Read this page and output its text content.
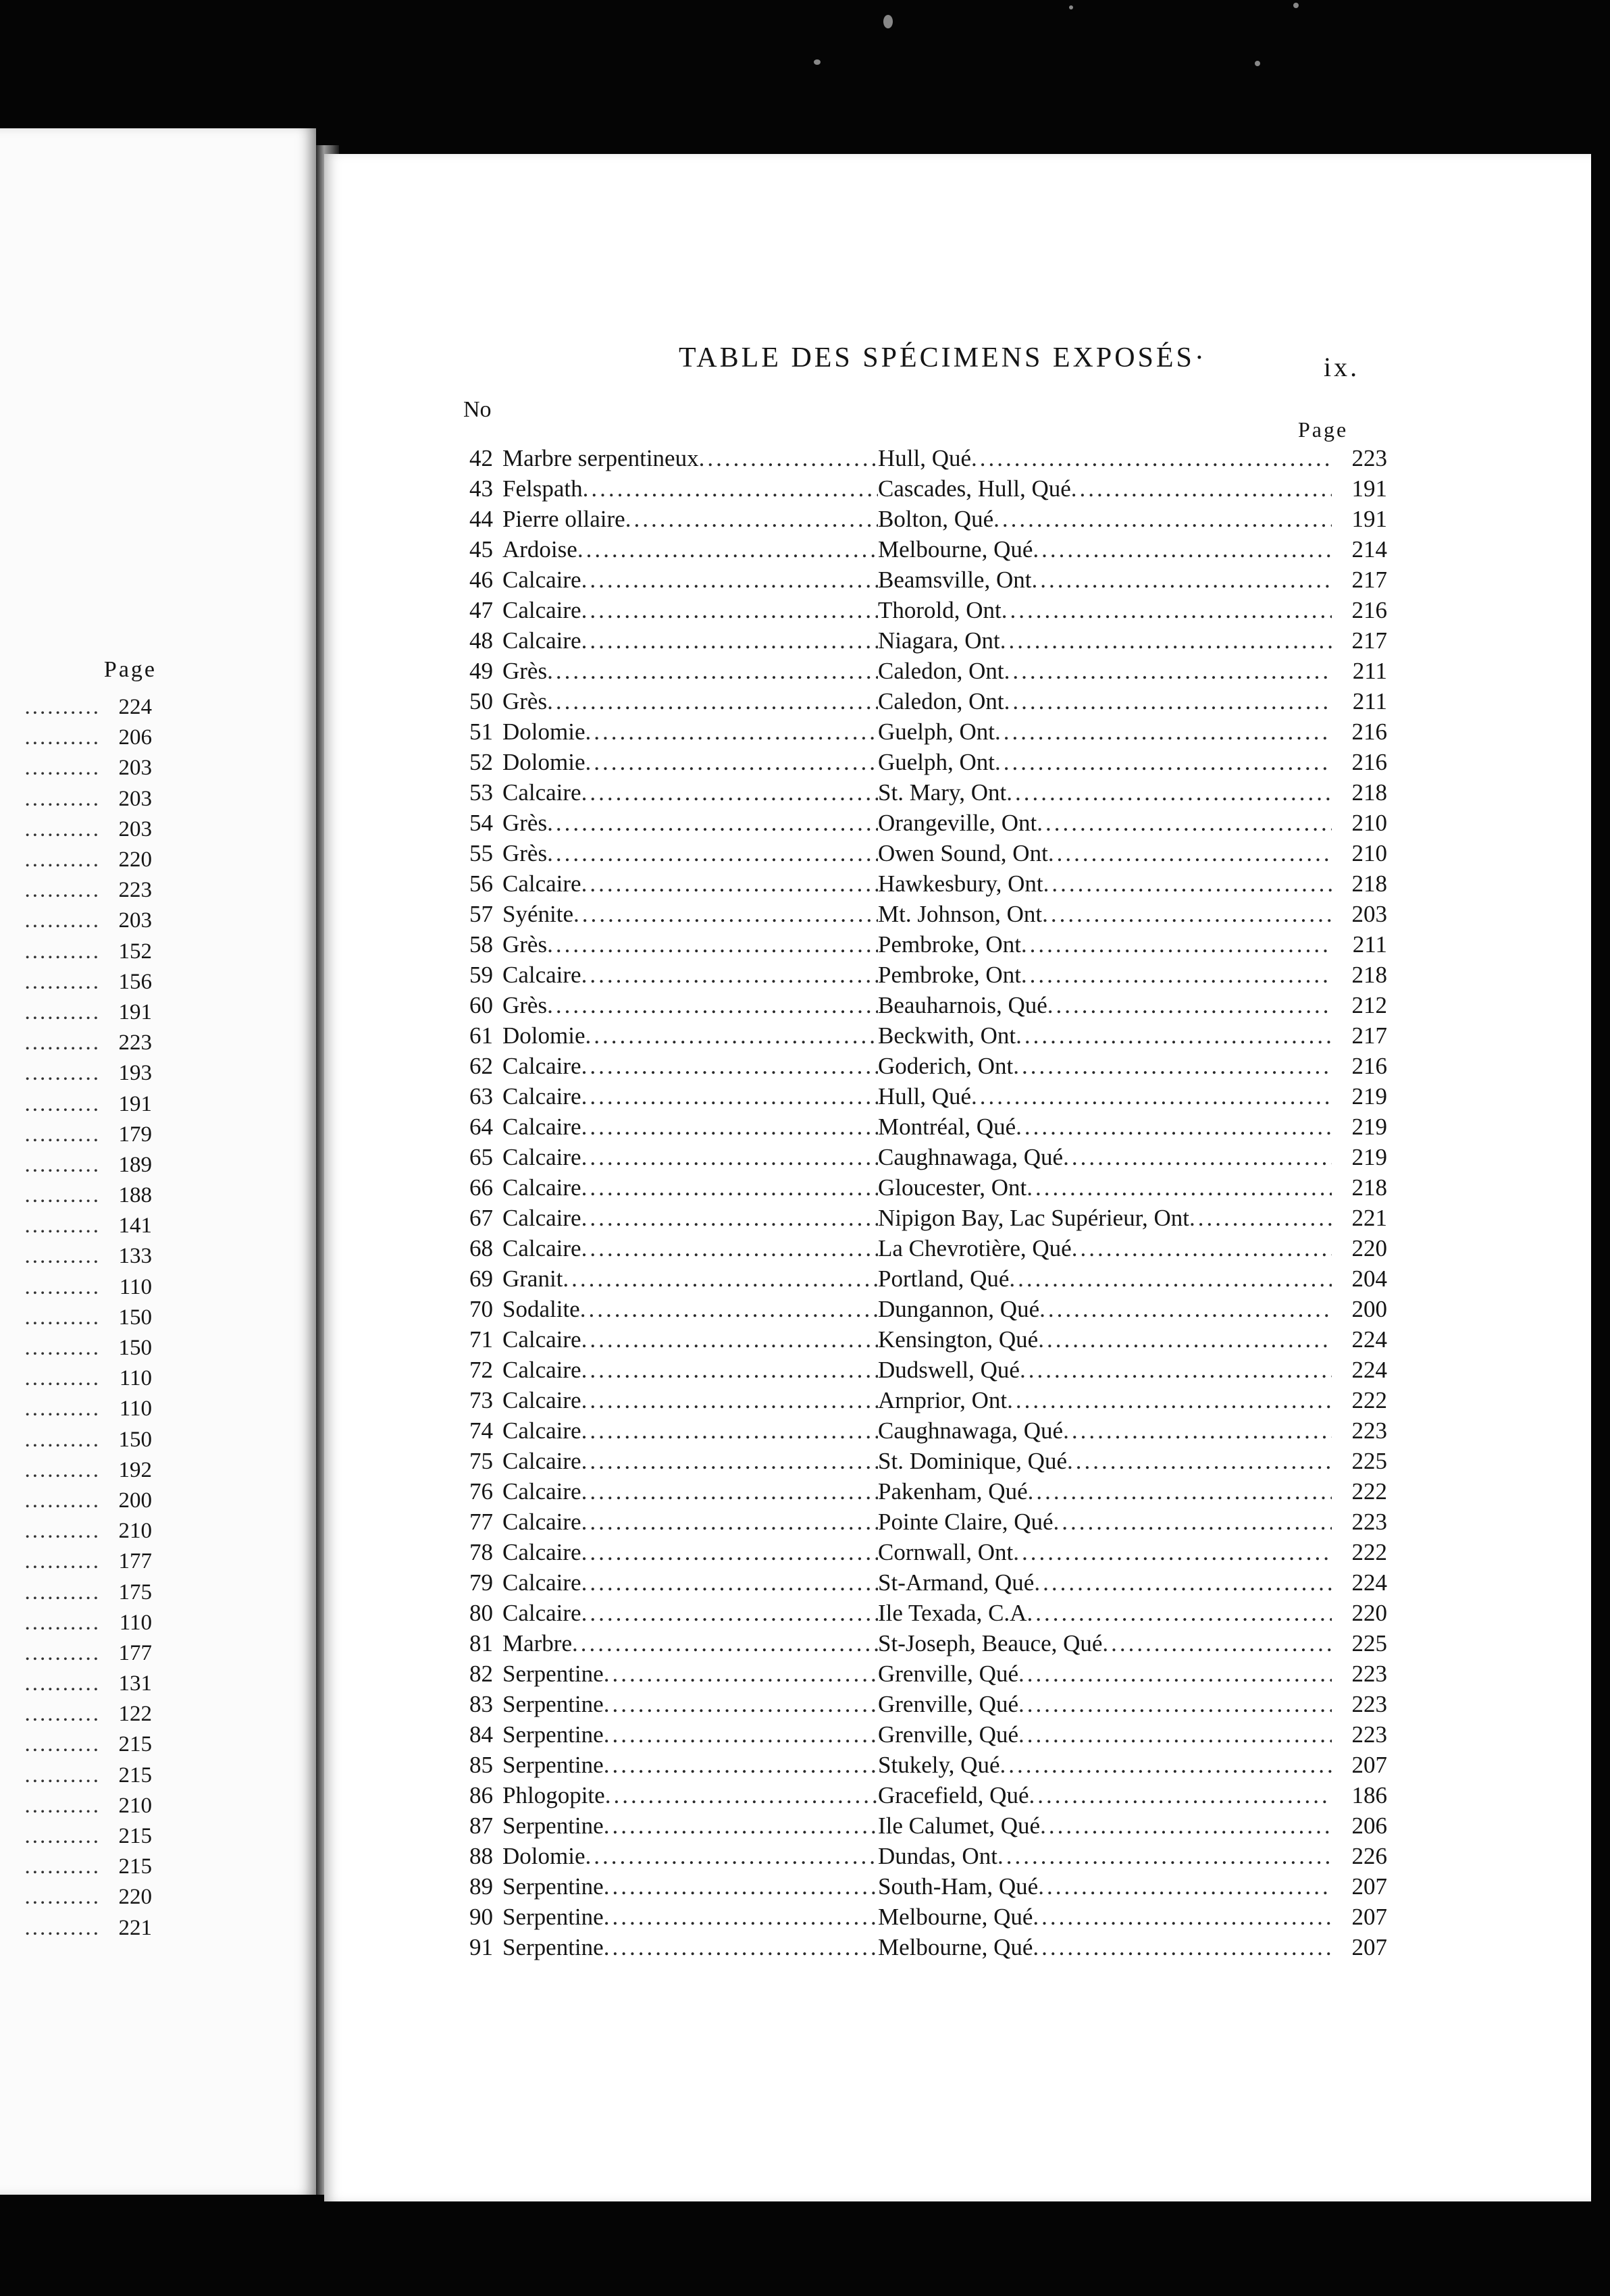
Page
.......... 224
.......... 206
.......... 203
.......... 203
.......... 203
.......... 220
.......... 223
.......... 203
.......... 152
.......... 156
.......... 191
.......... 223
.......... 193
.......... 191
.......... 179
.......... 189
.......... 188
.......... 141
.......... 133
.......... 110
.......... 150
.......... 150
.......... 110
.......... 110
.......... 150
.......... 192
.......... 200
.......... 210
.......... 177
.......... 175
.......... 110
.......... 177
.......... 131
.......... 122
.......... 215
.......... 215
.......... 210
.......... 215
.......... 215
.......... 220
.......... 221
TABLE DES SPÉCIMENS EXPOSÉS·	ix.
No
Page
42 Marbre serpentineux .....	Hull, Qué .....	223
43 Felspath .....	Cascades, Hull, Qué .....	191
44 Pierre ollaire .....	Bolton, Qué .....	191
45 Ardoise .....	Melbourne, Qué .....	214
46 Calcaire .....	Beamsville, Ont .....	217
47 Calcaire .....	Thorold, Ont .....	216
48 Calcaire .....	Niagara, Ont .....	217
49 Grès .....	Caledon, Ont .....	211
50 Grès .....	Caledon, Ont .....	211
51 Dolomie .....	Guelph, Ont .....	216
52 Dolomie .....	Guelph, Ont .....	216
53 Calcaire .....	St. Mary, Ont .....	218
54 Grès .....	Orangeville, Ont .....	210
55 Grès .....	Owen Sound, Ont .....	210
56 Calcaire .....	Hawkesbury, Ont .....	218
57 Syénite .....	Mt. Johnson, Ont .....	203
58 Grès .....	Pembroke, Ont .....	211
59 Calcaire .....	Pembroke, Ont .....	218
60 Grès .....	Beauharnois, Qué .....	212
61 Dolomie .....	Beckwith, Ont .....	217
62 Calcaire .....	Goderich, Ont .....	216
63 Calcaire .....	Hull, Qué .....	219
64 Calcaire .....	Montréal, Qué .....	219
65 Calcaire .....	Caughnawaga, Qué .....	219
66 Calcaire .....	Gloucester, Ont .....	218
67 Calcaire .....	Nipigon Bay, Lac Supérieur, Ont .....	221
68 Calcaire .....	La Chevrotière, Qué .....	220
69 Granit .....	Portland, Qué .....	204
70 Sodalite .....	Dungannon, Qué .....	200
71 Calcaire .....	Kensington, Qué .....	224
72 Calcaire .....	Dudswell, Qué .....	224
73 Calcaire .....	Arnprior, Ont .....	222
74 Calcaire .....	Caughnawaga, Qué .....	223
75 Calcaire .....	St. Dominique, Qué .....	225
76 Calcaire .....	Pakenham, Qué .....	222
77 Calcaire .....	Pointe Claire, Qué .....	223
78 Calcaire .....	Cornwall, Ont .....	222
79 Calcaire .....	St-Armand, Qué .....	224
80 Calcaire .....	Ile Texada, C.A .....	220
81 Marbre .....	St-Joseph, Beauce, Qué .....	225
82 Serpentine .....	Grenville, Qué .....	223
83 Serpentine .....	Grenville, Qué .....	223
84 Serpentine .....	Grenville, Qué .....	223
85 Serpentine .....	Stukely, Qué .....	207
86 Phlogopite .....	Gracefield, Qué .....	186
87 Serpentine .....	Ile Calumet, Qué .....	206
88 Dolomie .....	Dundas, Ont .....	226
89 Serpentine .....	South-Ham, Qué .....	207
90 Serpentine .....	Melbourne, Qué .....	207
91 Serpentine .....	Melbourne, Qué .....	207
